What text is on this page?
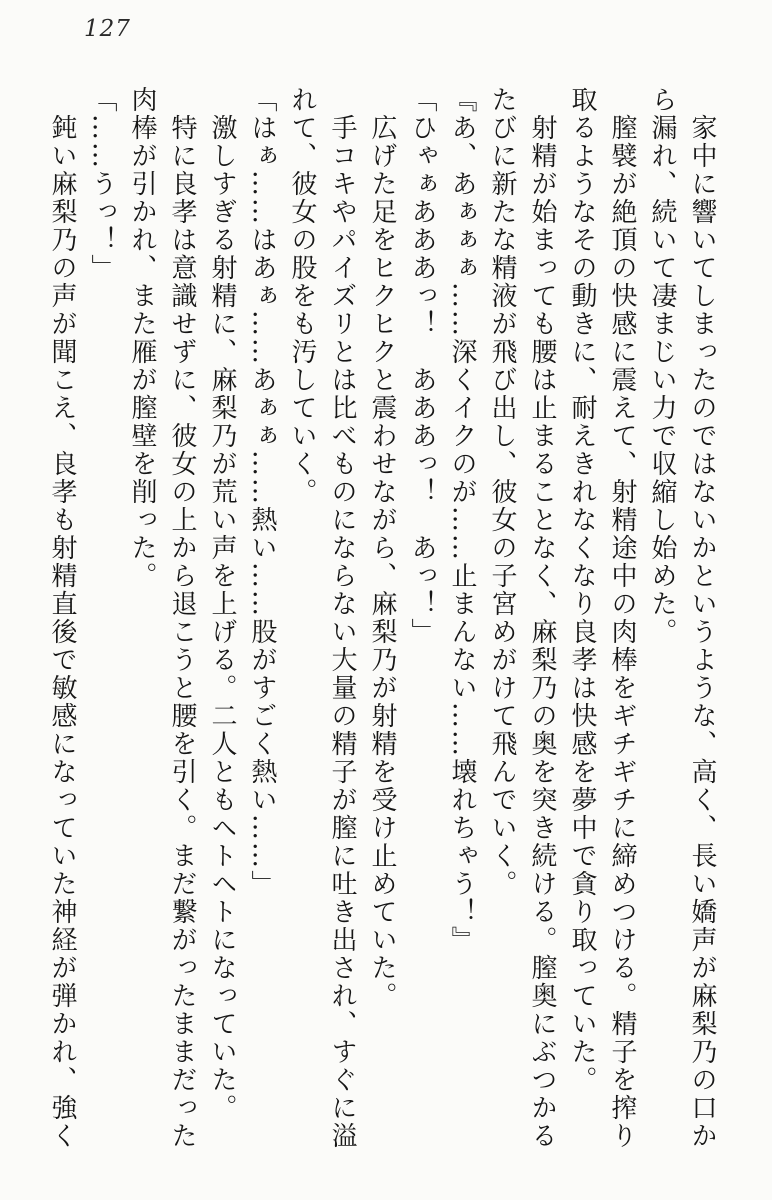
127
家中に響いてしまったのではないかというような、高く、長い嬌声が麻梨乃の口か
ら漏れ、続いて凄まじい力で収縮し始めた。
膣襞が絶頂の快感に震えて、射精途中の肉棒をギチギチに締めつける。精子を搾り
取るようなその動きに、耐えきれなくなり良孝は快感を夢中で貪り取っていた。
射精が始まっても腰は止まることなく、麻梨乃の奥を突き続ける。膣奥にぶつかる
たびに新たな精液が飛び出し、彼女の子宮めがけて飛んでいく。
『あ、あぁぁぁ……深くイクのが……止まんない……壊れちゃう！』
「ひゃぁあああっ！　あああっ！　あっ！」
広げた足をヒクヒクと震わせながら、麻梨乃が射精を受け止めていた。
手コキやパイズリとは比べものにならない大量の精子が膣に吐き出され、すぐに溢
れて、彼女の股をも汚していく。
「はぁ……はあぁ……あぁぁ……熱い……股がすごく熱い……」
激しすぎる射精に、麻梨乃が荒い声を上げる。二人ともヘトヘトになっていた。
特に良孝は意識せずに、彼女の上から退こうと腰を引く。まだ繋がったままだった
肉棒が引かれ、また雁が膣壁を削った。
「……うっ！」
鈍い麻梨乃の声が聞こえ、良孝も射精直後で敏感になっていた神経が弾かれ、強く
